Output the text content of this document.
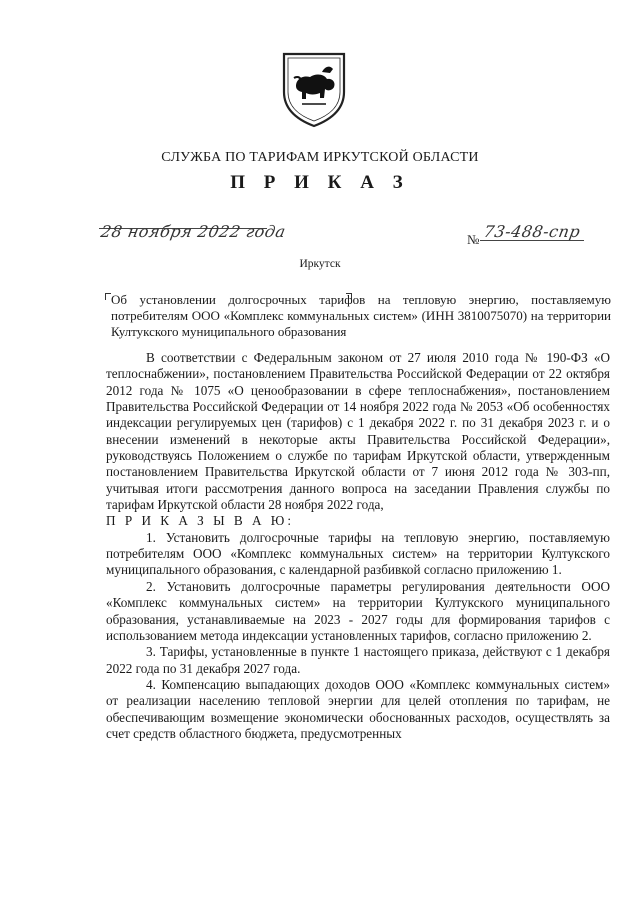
СЛУЖБА ПО ТАРИФАМ ИРКУТСКОЙ ОБЛАСТИ
П Р И К А З
28 ноября 2022 года	№ 73-488-спр
Иркутск
Об установлении долгосрочных тарифов на тепловую энергию, поставляемую потребителям ООО «Комплекс коммунальных систем» (ИНН 3810075070) на территории Култукского муниципального образования

В соответствии с Федеральным законом от 27 июля 2010 года № 190-ФЗ «О теплоснабжении», постановлением Правительства Российской Федерации от 22 октября 2012 года № 1075 «О ценообразовании в сфере теплоснабжения», постановлением Правительства Российской Федерации от 14 ноября 2022 года № 2053 «Об особенностях индексации регулируемых цен (тарифов) с 1 декабря 2022 г. по 31 декабря 2023 г. и о внесении изменений в некоторые акты Правительства Российской Федерации», руководствуясь Положением о службе по тарифам Иркутской области, утвержденным постановлением Правительства Иркутской области от 7 июня 2012 года № 303-пп, учитывая итоги рассмотрения данного вопроса на заседании Правления службы по тарифам Иркутской области 28 ноября 2022 года,

П Р И К А З Ы В А Ю:

1. Установить долгосрочные тарифы на тепловую энергию, поставляемую потребителям ООО «Комплекс коммунальных систем» на территории Култукского муниципального образования, с календарной разбивкой согласно приложению 1.

2. Установить долгосрочные параметры регулирования деятельности ООО «Комплекс коммунальных систем» на территории Култукского муниципального образования, устанавливаемые на 2023 - 2027 годы для формирования тарифов с использованием метода индексации установленных тарифов, согласно приложению 2.

3. Тарифы, установленные в пункте 1 настоящего приказа, действуют с 1 декабря 2022 года по 31 декабря 2027 года.

4. Компенсацию выпадающих доходов ООО «Комплекс коммунальных систем» от реализации населению тепловой энергии для целей отопления по тарифам, не обеспечивающим возмещение экономически обоснованных расходов, осуществлять за счет средств областного бюджета, предусмотренных
